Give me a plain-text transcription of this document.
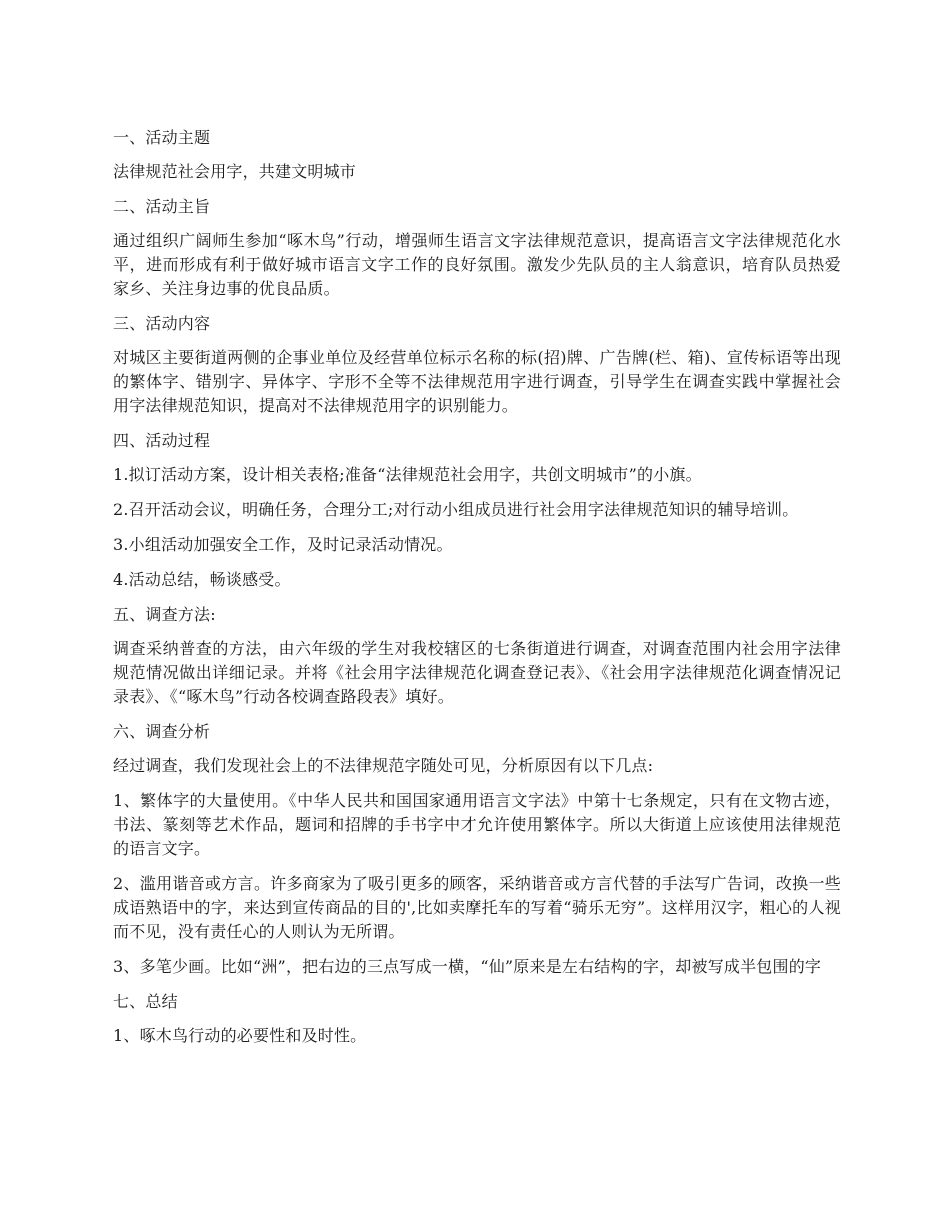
一、活动主题

法律规范社会用字，共建文明城市

二、活动主旨

通过组织广阔师生参加“啄木鸟”行动，增强师生语言文字法律规范意识，提高语言文字法律规范化水平，进而形成有利于做好城市语言文字工作的良好氛围。激发少先队员的主人翁意识，培育队员热爱家乡、关注身边事的优良品质。

三、活动内容

对城区主要街道两侧的企事业单位及经营单位标示名称的标(招)牌、广告牌(栏、箱)、宣传标语等出现的繁体字、错别字、异体字、字形不全等不法律规范用字进行调查，引导学生在调查实践中掌握社会用字法律规范知识，提高对不法律规范用字的识别能力。

四、活动过程

1.拟订活动方案，设计相关表格;准备“法律规范社会用字，共创文明城市”的小旗。

2.召开活动会议，明确任务，合理分工;对行动小组成员进行社会用字法律规范知识的辅导培训。

3.小组活动加强安全工作，及时记录活动情况。

4.活动总结，畅谈感受。

五、调查方法:

调查采纳普查的方法，由六年级的学生对我校辖区的七条街道进行调查，对调查范围内社会用字法律规范情况做出详细记录。并将《社会用字法律规范化调查登记表》、《社会用字法律规范化调查情况记录表》、《“啄木鸟”行动各校调查路段表》填好。

六、调查分析

经过调查，我们发现社会上的不法律规范字随处可见，分析原因有以下几点:

1、繁体字的大量使用。《中华人民共和国国家通用语言文字法》中第十七条规定，只有在文物古迹，书法、篆刻等艺术作品，题词和招牌的手书字中才允许使用繁体字。所以大街道上应该使用法律规范的语言文字。

2、滥用谐音或方言。许多商家为了吸引更多的顾客，采纳谐音或方言代替的手法写广告词，改换一些成语熟语中的字，来达到宣传商品的目的',比如卖摩托车的写着“骑乐无穷”。这样用汉字，粗心的人视而不见，没有责任心的人则认为无所谓。

3、多笔少画。比如“洲”，把右边的三点写成一横，“仙”原来是左右结构的字，却被写成半包围的字

七、总结

1、啄木鸟行动的必要性和及时性。
